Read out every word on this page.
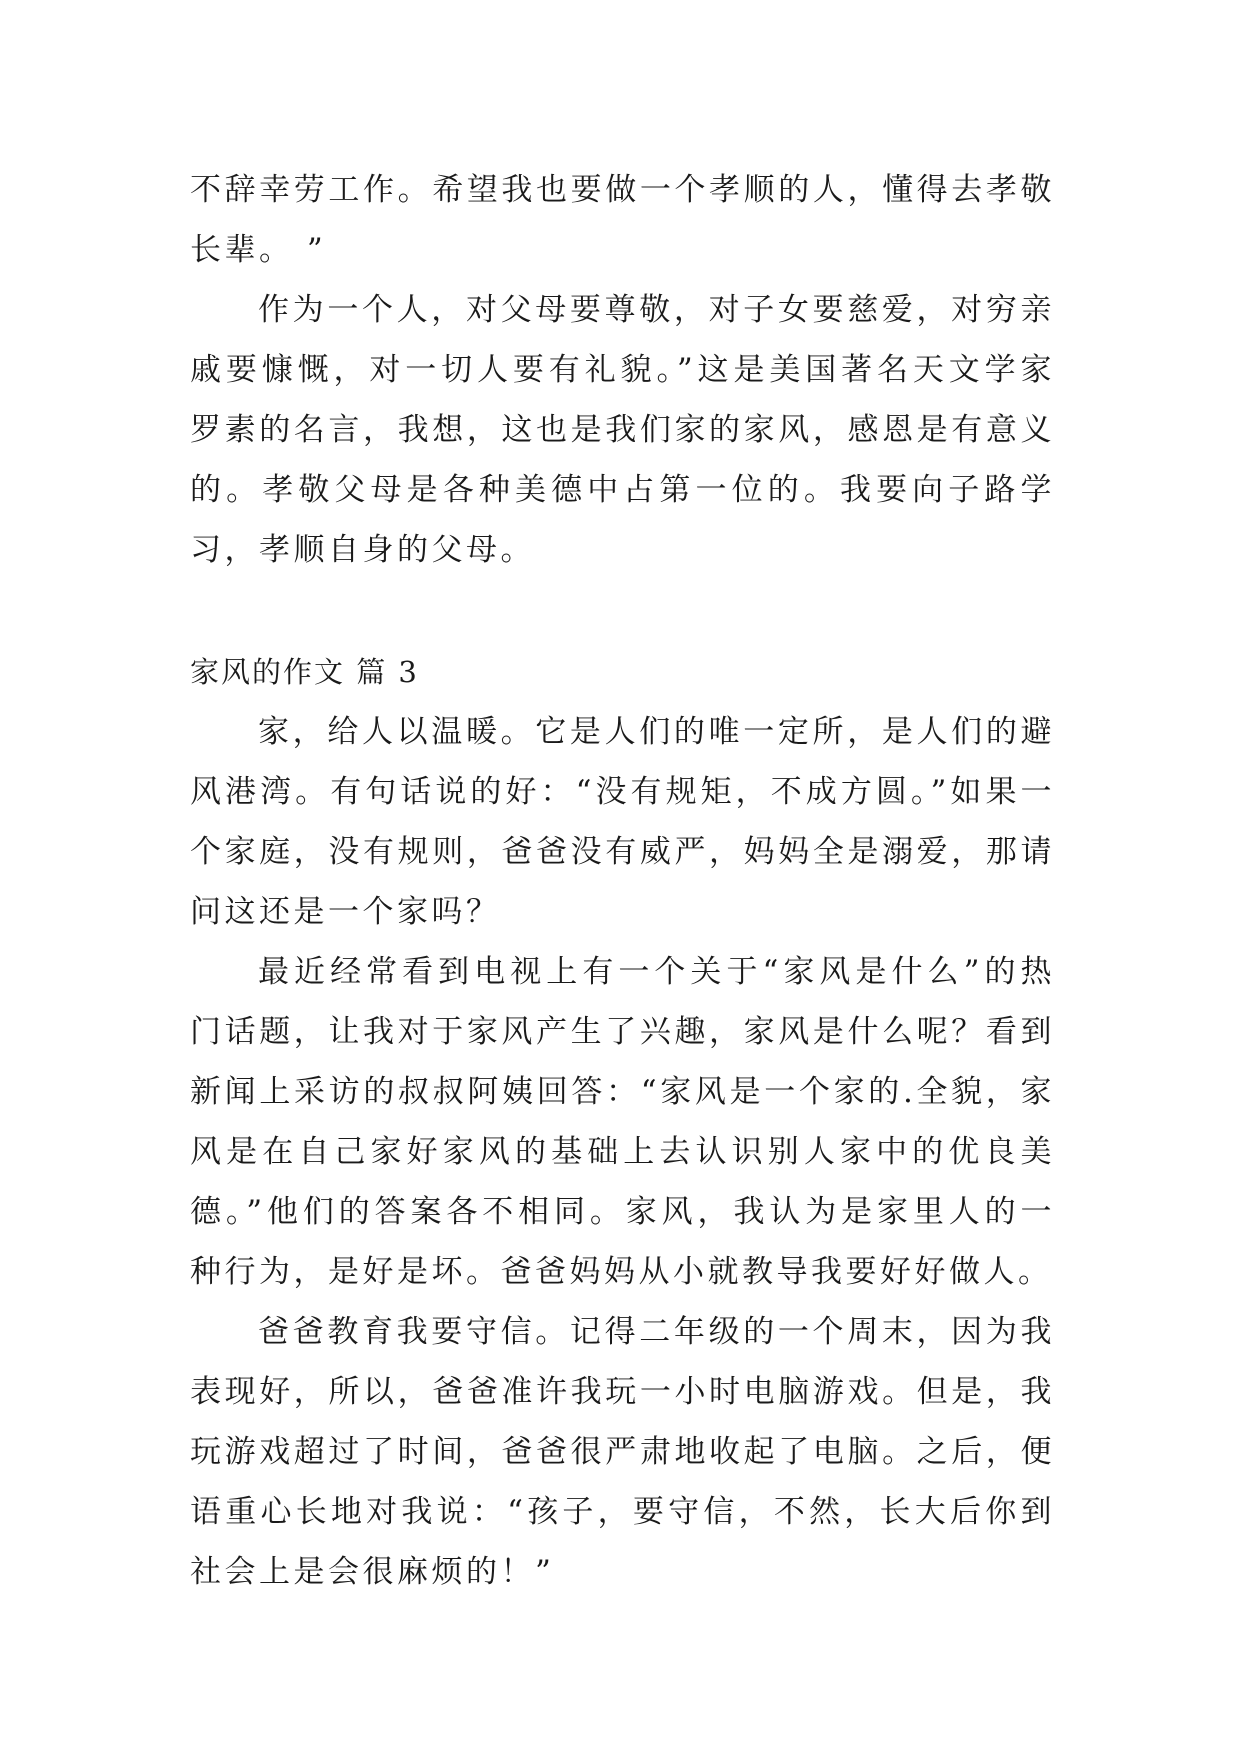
不辞幸劳工作。希望我也要做一个孝顺的人，懂得去孝敬长辈。 ”

作为一个人，对父母要尊敬，对子女要慈爱，对穷亲戚要慷慨，对一切人要有礼貌。”这是美国著名天文学家罗素的名言，我想，这也是我们家的家风，感恩是有意义的。孝敬父母是各种美德中占第一位的。我要向子路学习，孝顺自身的父母。

家风的作文 篇 3

家，给人以温暖。它是人们的唯一定所，是人们的避风港湾。有句话说的好：“没有规矩，不成方圆。”如果一个家庭，没有规则，爸爸没有威严，妈妈全是溺爱，那请问这还是一个家吗？

最近经常看到电视上有一个关于“家风是什么”的热门话题，让我对于家风产生了兴趣，家风是什么呢？看到新闻上采访的叔叔阿姨回答：“家风是一个家的.全貌，家风是在自己家好家风的基础上去认识别人家中的优良美德。”他们的答案各不相同。家风，我认为是家里人的一种行为，是好是坏。爸爸妈妈从小就教导我要好好做人。

爸爸教育我要守信。记得二年级的一个周末，因为我表现好，所以，爸爸准许我玩一小时电脑游戏。但是，我玩游戏超过了时间，爸爸很严肃地收起了电脑。之后，便语重心长地对我说：“孩子，要守信，不然，长大后你到社会上是会很麻烦的！”
